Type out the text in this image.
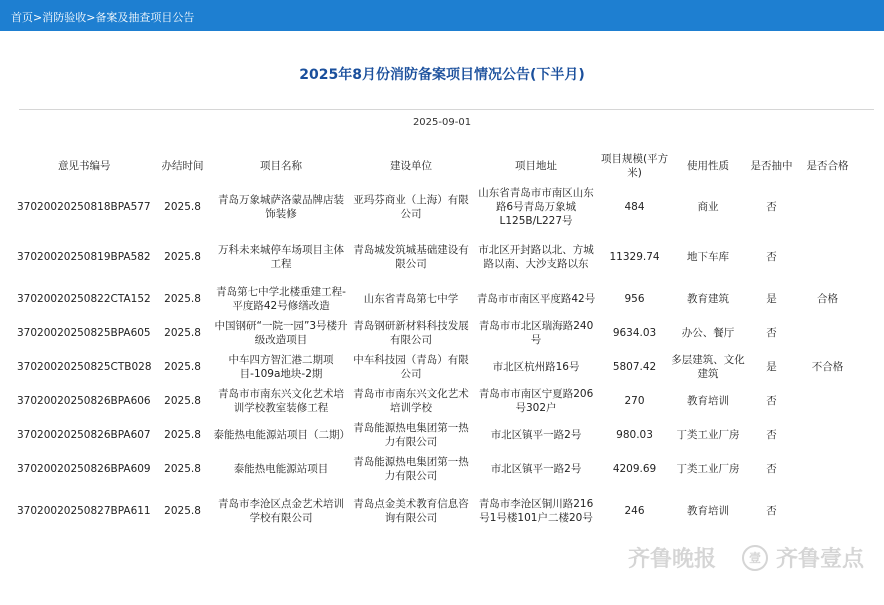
首页>消防验收>备案及抽查项目公告
2025年8月份消防备案项目情况公告(下半月)
2025-09-01
意见书编号	办结时间	项目名称	建设单位	项目地址	项目规模(平方米)	使用性质	是否抽中	是否合格
37020020250818BPA577	2025.8	青岛万象城萨洛蒙品牌店装饰装修	亚玛芬商业（上海）有限公司	山东省青岛市市南区山东路6号青岛万象城L125B/L227号	484	商业	否	
37020020250819BPA582	2025.8	万科未来城停车场项目主体工程	青岛城发筑城基础建设有限公司	市北区开封路以北、方城路以南、大沙支路以东	11329.74	地下车库	否	
37020020250822CTA152	2025.8	青岛第七中学北楼重建工程-平度路42号修缮改造	山东省青岛第七中学	青岛市市南区平度路42号	956	教育建筑	是	合格
37020020250825BPA605	2025.8	中国钢研“一院一园”3号楼升级改造项目	青岛钢研新材料科技发展有限公司	青岛市市北区瑞海路240号	9634.03	办公、餐厅	否	
37020020250825CTB028	2025.8	中车四方智汇港二期项目-109a地块-2期	中车科技园（青岛）有限公司	市北区杭州路16号	5807.42	多层建筑、文化建筑	是	不合格
37020020250826BPA606	2025.8	青岛市市南东兴文化艺术培训学校教室装修工程	青岛市市南东兴文化艺术培训学校	青岛市市南区宁夏路206号302户	270	教育培训	否	
37020020250826BPA607	2025.8	泰能热电能源站项目（二期）	青岛能源热电集团第一热力有限公司	市北区镇平一路2号	980.03	丁类工业厂房	否	
37020020250826BPA609	2025.8	泰能热电能源站项目	青岛能源热电集团第一热力有限公司	市北区镇平一路2号	4209.69	丁类工业厂房	否	
37020020250827BPA611	2025.8	青岛市李沧区点金艺术培训学校有限公司	青岛点金美术教育信息咨询有限公司	青岛市李沧区铜川路216号1号楼101户二楼20号	246	教育培训	否	
齐鲁晚报	壹 齐鲁壹点
